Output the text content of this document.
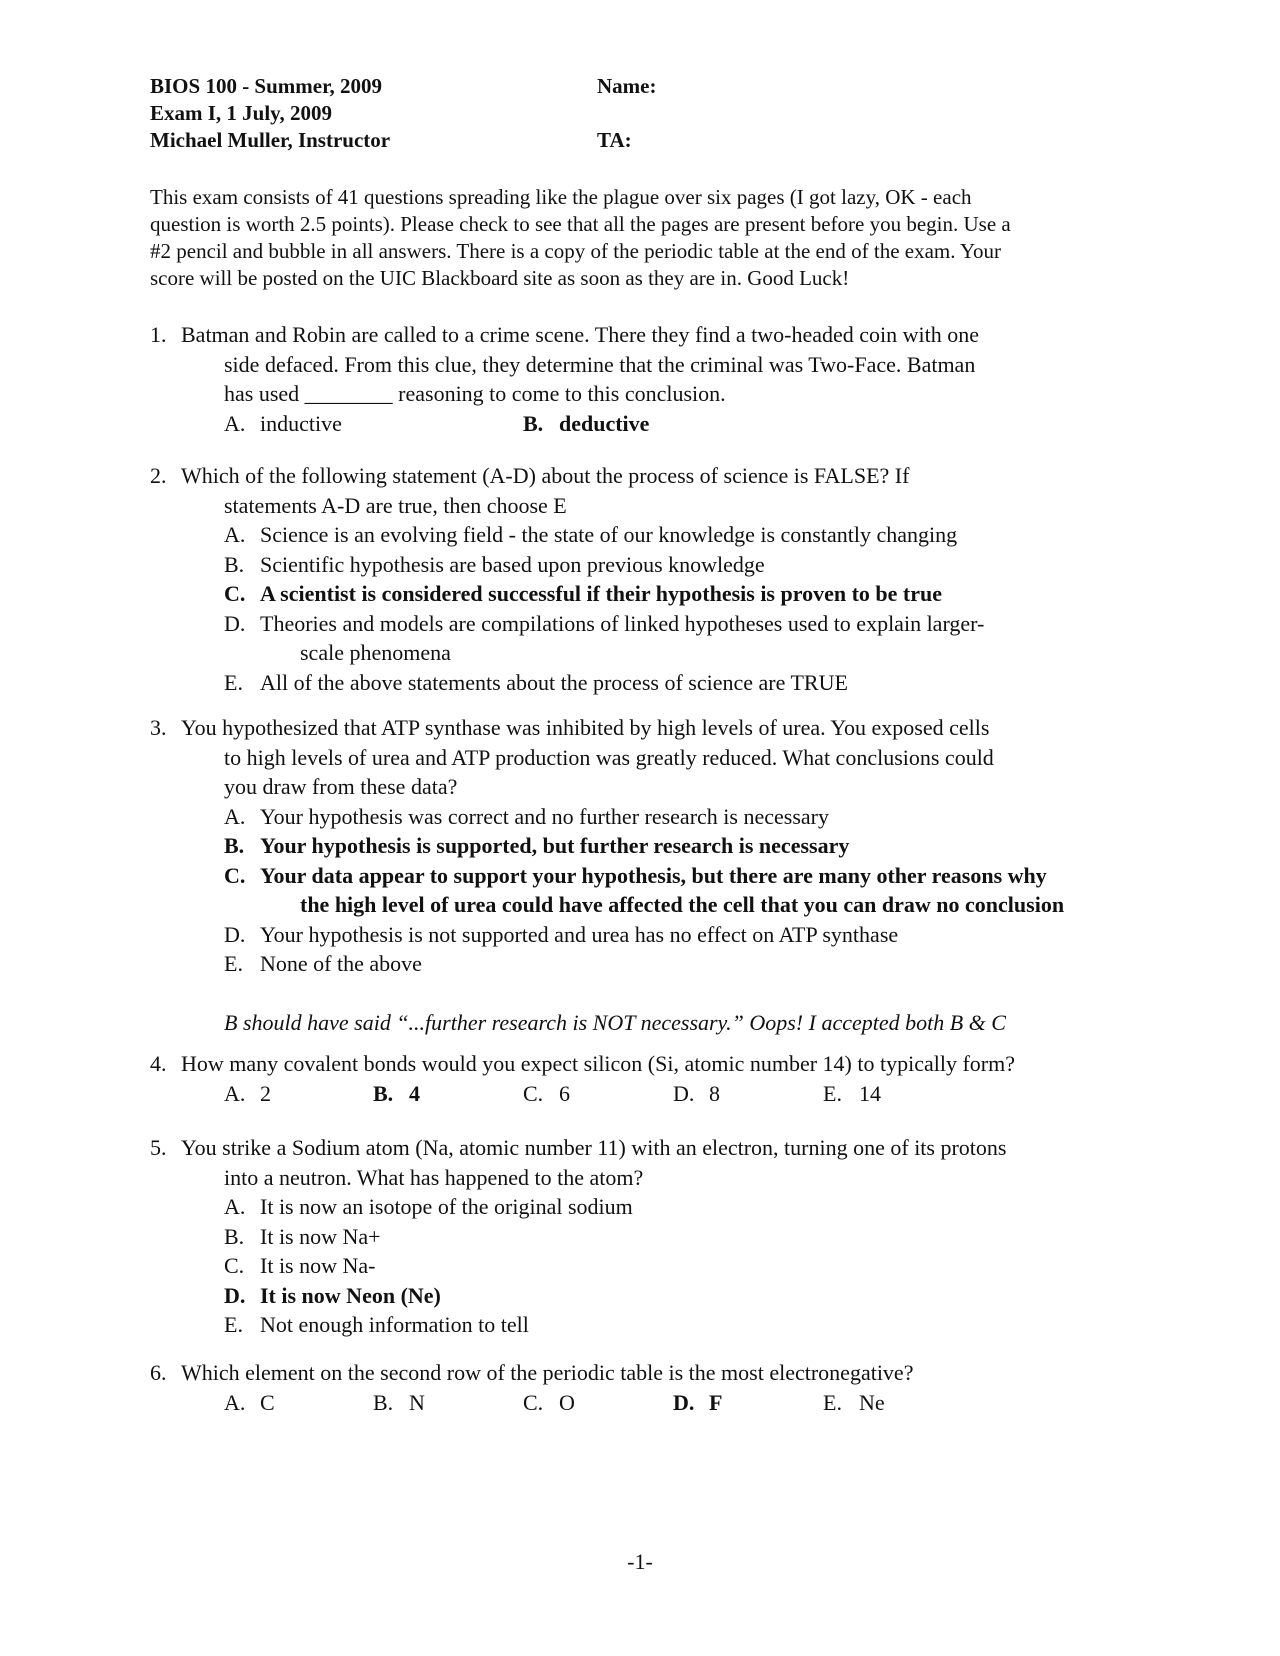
BIOS 100 - Summer, 2009
Exam I, 1 July, 2009
Michael Muller, Instructor
Name:
TA:
This exam consists of 41 questions spreading like the plague over six pages (I got lazy, OK - each
question is worth 2.5 points). Please check to see that all the pages are present before you begin. Use a
#2 pencil and bubble in all answers. There is a copy of the periodic table at the end of the exam. Your
score will be posted on the UIC Blackboard site as soon as they are in. Good Luck!
1. Batman and Robin are called to a crime scene. There they find a two-headed coin with one
side defaced. From this clue, they determine that the criminal was Two-Face. Batman
has used ________ reasoning to come to this conclusion.
A. inductive	B. deductive
2. Which of the following statement (A-D) about the process of science is FALSE? If
statements A-D are true, then choose E
A. Science is an evolving field - the state of our knowledge is constantly changing
B. Scientific hypothesis are based upon previous knowledge
C. A scientist is considered successful if their hypothesis is proven to be true
D. Theories and models are compilations of linked hypotheses used to explain larger-
scale phenomena
E. All of the above statements about the process of science are TRUE
3. You hypothesized that ATP synthase was inhibited by high levels of urea. You exposed cells
to high levels of urea and ATP production was greatly reduced. What conclusions could
you draw from these data?
A. Your hypothesis was correct and no further research is necessary
B. Your hypothesis is supported, but further research is necessary
C. Your data appear to support your hypothesis, but there are many other reasons why
the high level of urea could have affected the cell that you can draw no conclusion
D. Your hypothesis is not supported and urea has no effect on ATP synthase
E. None of the above
B should have said “...further research is NOT necessary.” Oops! I accepted both B & C
4. How many covalent bonds would you expect silicon (Si, atomic number 14) to typically form?
A. 2	B. 4	C. 6	D. 8	E. 14
5. You strike a Sodium atom (Na, atomic number 11) with an electron, turning one of its protons
into a neutron. What has happened to the atom?
A. It is now an isotope of the original sodium
B. It is now Na+
C. It is now Na-
D. It is now Neon (Ne)
E. Not enough information to tell
6. Which element on the second row of the periodic table is the most electronegative?
A. C	B. N	C. O	D. F	E. Ne
-1-
